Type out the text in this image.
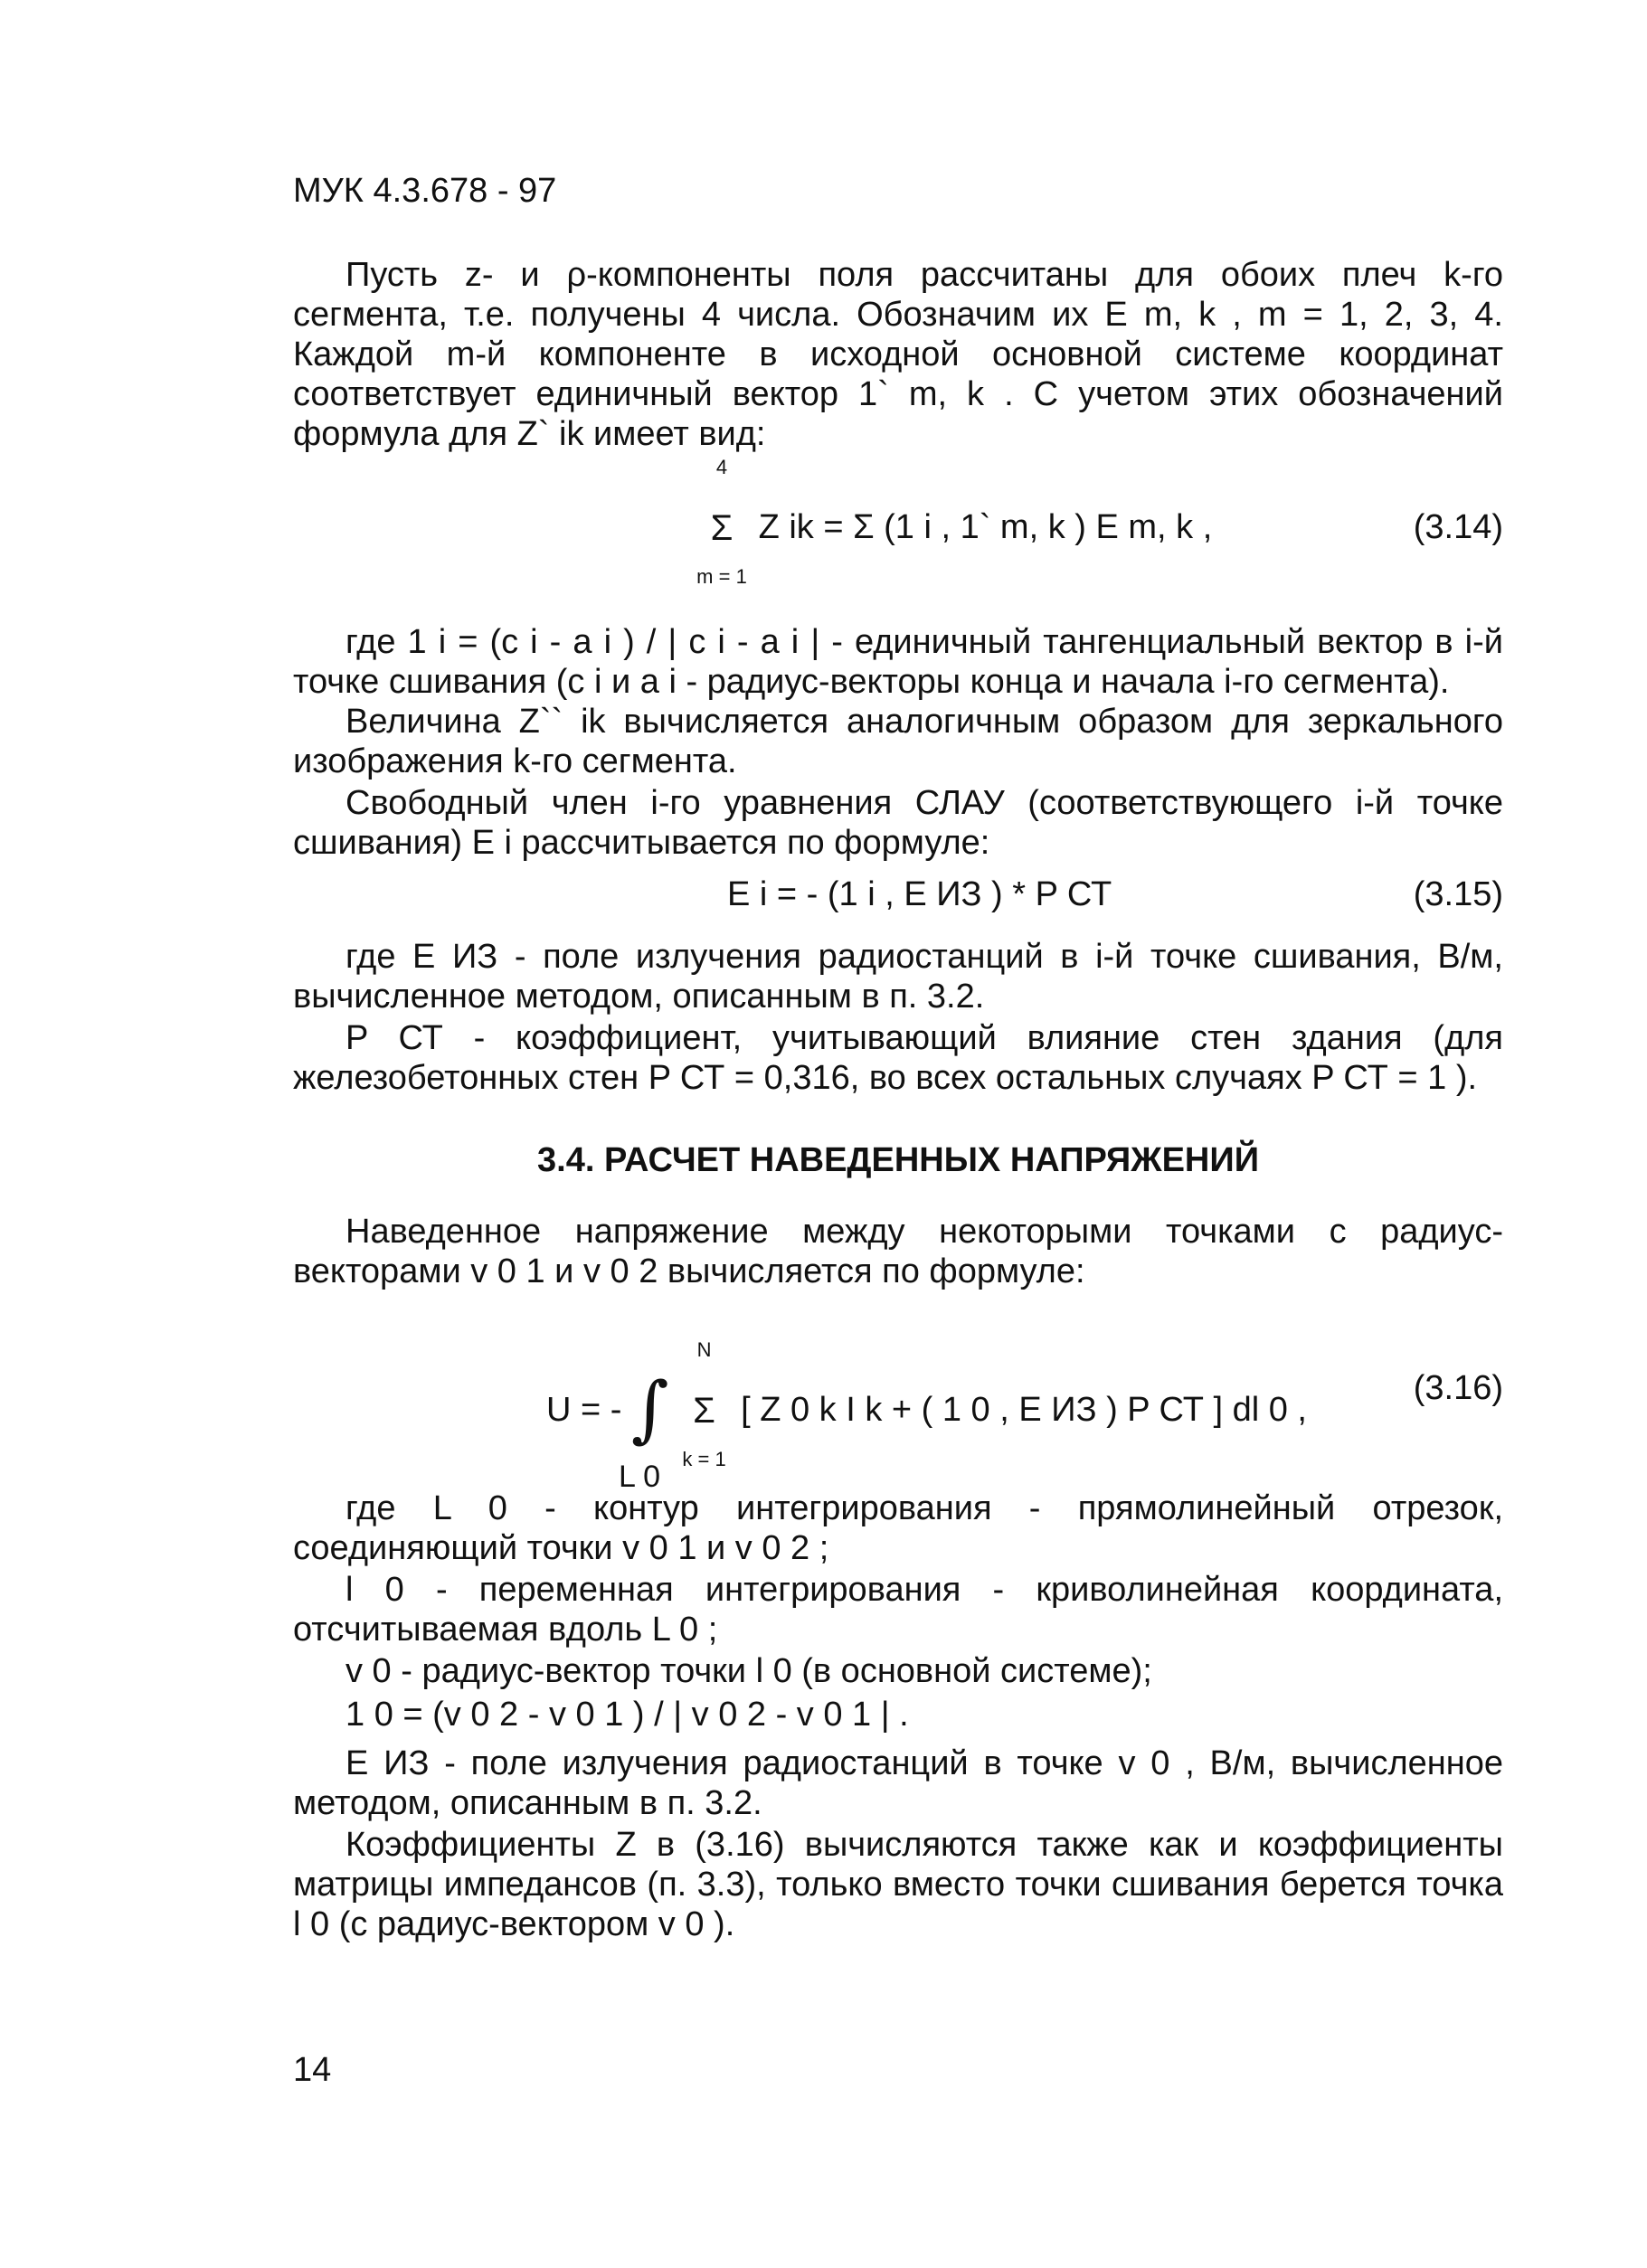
МУК 4.3.678 - 97

Пусть z- и ρ-компоненты поля рассчитаны для обоих плеч k-го сегмента, т.е. получены 4 числа. Обозначим их E m, k , m = 1, 2, 3, 4. Каждой m-й компоненте в исходной основной системе координат соответствует единичный вектор 1` m, k . С учетом этих обозначений формула для Z` ik имеет вид:

4
Σ
m = 1
Z ik = Σ (1 i , 1` m, k ) E m, k ,	(3.14)

где 1 i = (c i - a i ) / | c i - a i | - единичный тангенциальный вектор в i-й точке сшивания (c i и a i - радиус-векторы конца и начала i-го сегмента).

Величина Z`` ik вычисляется аналогичным образом для зеркального изображения k-го сегмента.

Свободный член i-го уравнения СЛАУ (соответствующего i-й точке сшивания) E i рассчитывается по формуле:

E i = - (1 i , E ИЗ ) * P СТ	(3.15)

где E ИЗ - поле излучения радиостанций в i-й точке сшивания, В/м, вычисленное методом, описанным в п. 3.2.

P СТ - коэффициент, учитывающий влияние стен здания (для железобетонных стен P СТ = 0,316, во всех остальных случаях P СТ = 1 ).

3.4. РАСЧЕТ НАВЕДЕННЫХ НАПРЯЖЕНИЙ

Наведенное напряжение между некоторыми точками с радиус-векторами v 0 1 и v 0 2 вычисляется по формуле:

U = - ∫
L 0

N
Σ
k = 1
[ Z 0 k I k + ( 1 0 , E ИЗ ) P СТ ] dl 0 ,
(3.16)

где L 0 - контур интегрирования - прямолинейный отрезок, соединяющий точки v 0 1 и v 0 2 ;

l 0 - переменная интегрирования - криволинейная координата, отсчитываемая вдоль L 0 ;

v 0 - радиус-вектор точки l 0 (в основной системе);

1 0 = (v 0 2 - v 0 1 ) / | v 0 2 - v 0 1 | .

E ИЗ - поле излучения радиостанций в точке v 0 , В/м, вычисленное методом, описанным в п. 3.2.

Коэффициенты Z в (3.16) вычисляются также как и коэффициенты матрицы импедансов (п. 3.3), только вместо точки сшивания берется точка l 0 (с радиус-вектором v 0 ).

14
